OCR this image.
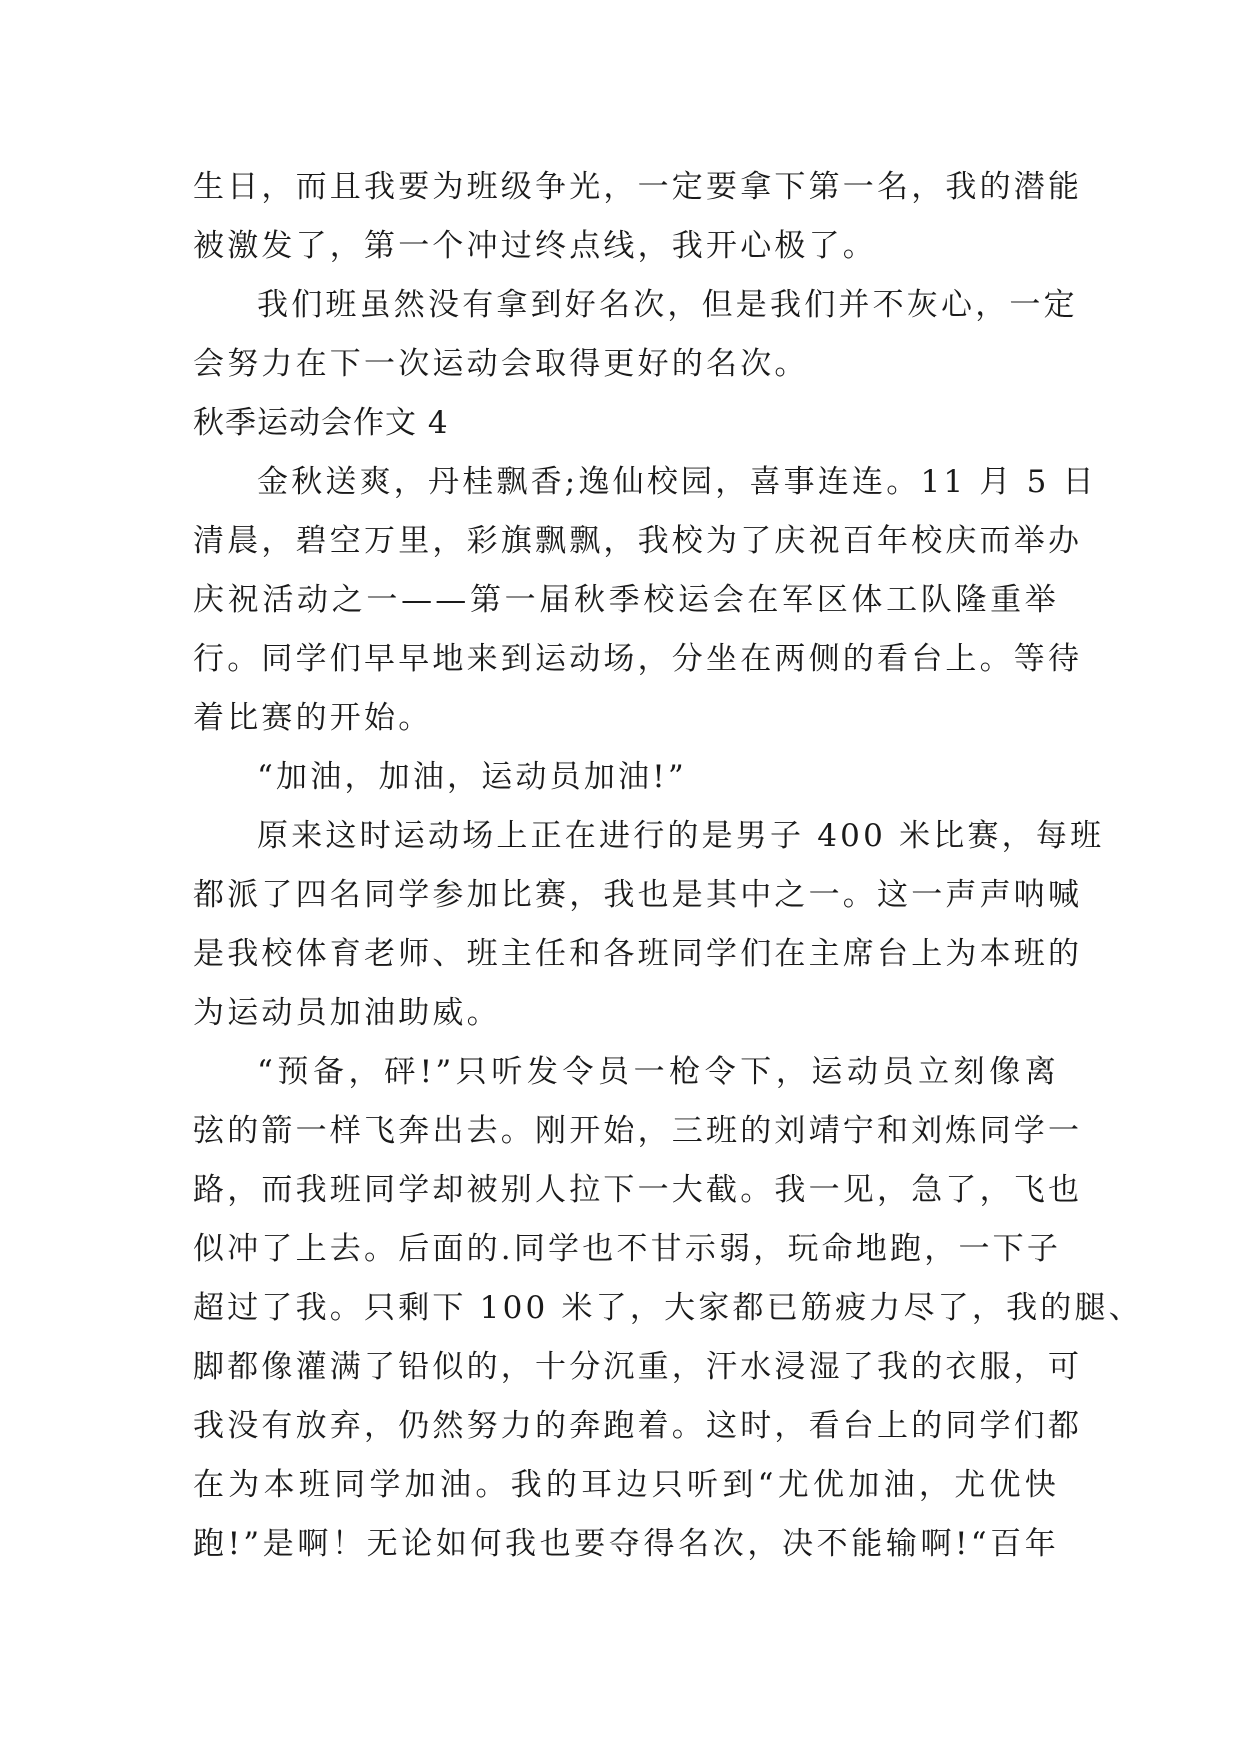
生日，而且我要为班级争光，一定要拿下第一名，我的潜能
被激发了，第一个冲过终点线，我开心极了。
我们班虽然没有拿到好名次，但是我们并不灰心，一定
会努力在下一次运动会取得更好的名次。
秋季运动会作文 4
金秋送爽，丹桂飘香;逸仙校园，喜事连连。11 月 5 日
清晨，碧空万里，彩旗飘飘，我校为了庆祝百年校庆而举办
庆祝活动之一——第一届秋季校运会在军区体工队隆重举
行。同学们早早地来到运动场，分坐在两侧的看台上。等待
着比赛的开始。
“加油，加油，运动员加油!”
原来这时运动场上正在进行的是男子 400 米比赛，每班
都派了四名同学参加比赛，我也是其中之一。这一声声呐喊
是我校体育老师、班主任和各班同学们在主席台上为本班的
为运动员加油助威。
“预备，砰!”只听发令员一枪令下，运动员立刻像离
弦的箭一样飞奔出去。刚开始，三班的刘靖宁和刘炼同学一
路，而我班同学却被别人拉下一大截。我一见，急了，飞也
似冲了上去。后面的.同学也不甘示弱，玩命地跑，一下子
超过了我。只剩下 100 米了，大家都已筋疲力尽了，我的腿、
脚都像灌满了铅似的，十分沉重，汗水浸湿了我的衣服，可
我没有放弃，仍然努力的奔跑着。这时，看台上的同学们都
在为本班同学加油。我的耳边只听到“尤优加油，尤优快
跑!”是啊！无论如何我也要夺得名次，决不能输啊!“百年
